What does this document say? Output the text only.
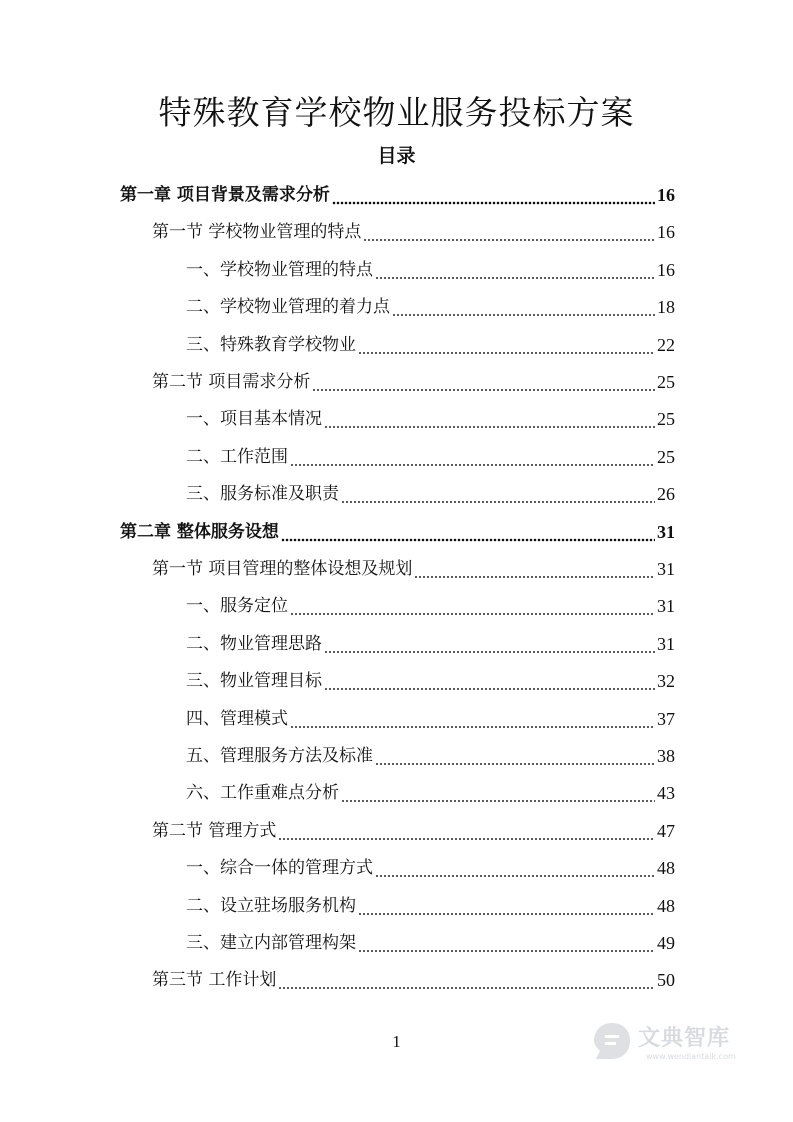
特殊教育学校物业服务投标方案
目录
第一章 项目背景及需求分析	16
第一节 学校物业管理的特点	16
一、学校物业管理的特点	16
二、学校物业管理的着力点	18
三、特殊教育学校物业	22
第二节 项目需求分析	25
一、项目基本情况	25
二、工作范围	25
三、服务标准及职责	26
第二章 整体服务设想	31
第一节 项目管理的整体设想及规划	31
一、服务定位	31
二、物业管理思路	31
三、物业管理目标	32
四、管理模式	37
五、管理服务方法及标准	38
六、工作重难点分析	43
第二节 管理方式	47
一、综合一体的管理方式	48
二、设立驻场服务机构	48
三、建立内部管理构架	49
第三节 工作计划	50
1	文典智库
www.wendiantaik.com
